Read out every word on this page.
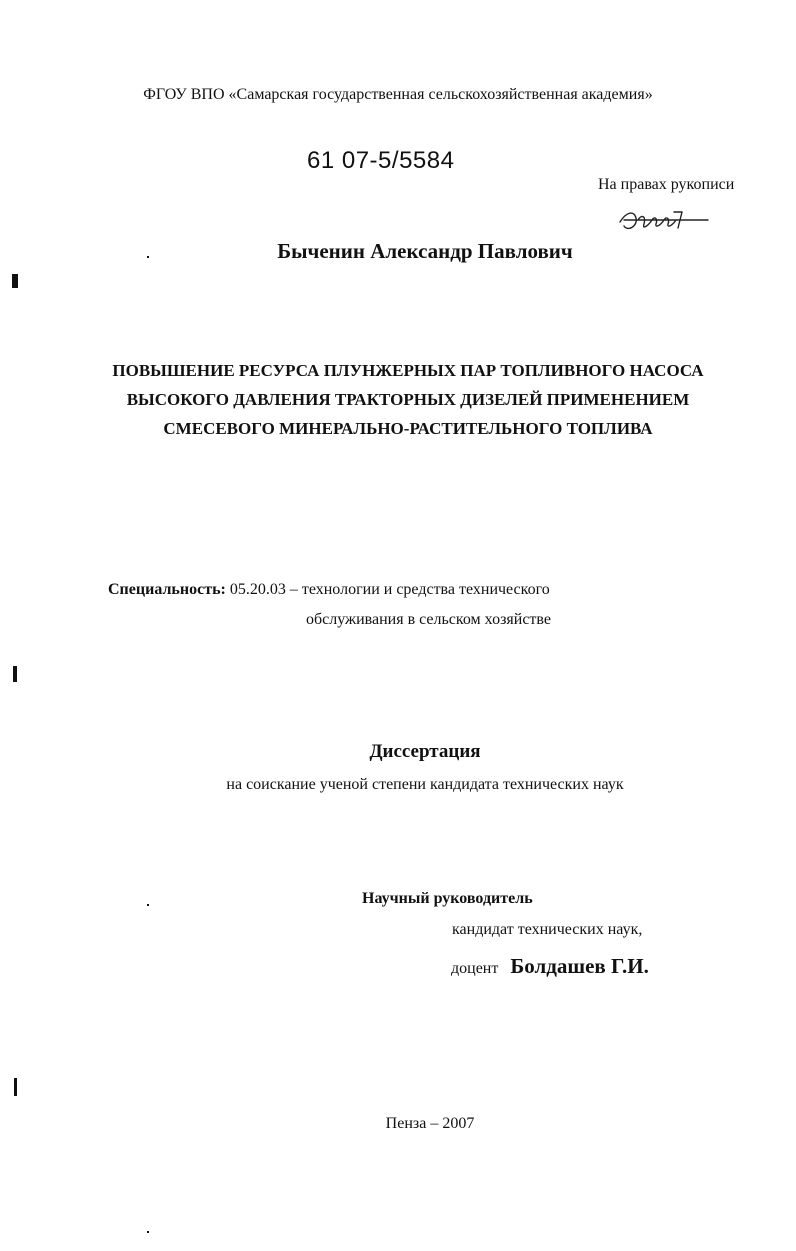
ФГОУ ВПО «Самарская государственная сельскохозяйственная академия»
61 07-5/5584
На правах рукописи
Быченин Александр Павлович
ПОВЫШЕНИЕ РЕСУРСА ПЛУНЖЕРНЫХ ПАР ТОПЛИВНОГО НАСОСА
ВЫСОКОГО ДАВЛЕНИЯ ТРАКТОРНЫХ ДИЗЕЛЕЙ ПРИМЕНЕНИЕМ
СМЕСЕВОГО МИНЕРАЛЬНО-РАСТИТЕЛЬНОГО ТОПЛИВА
Специальность: 05.20.03 – технологии и средства технического
обслуживания в сельском хозяйстве
Диссертация
на соискание ученой степени кандидата технических наук
Научный руководитель
кандидат технических наук,
доцент Болдашев Г.И.
Пенза – 2007
